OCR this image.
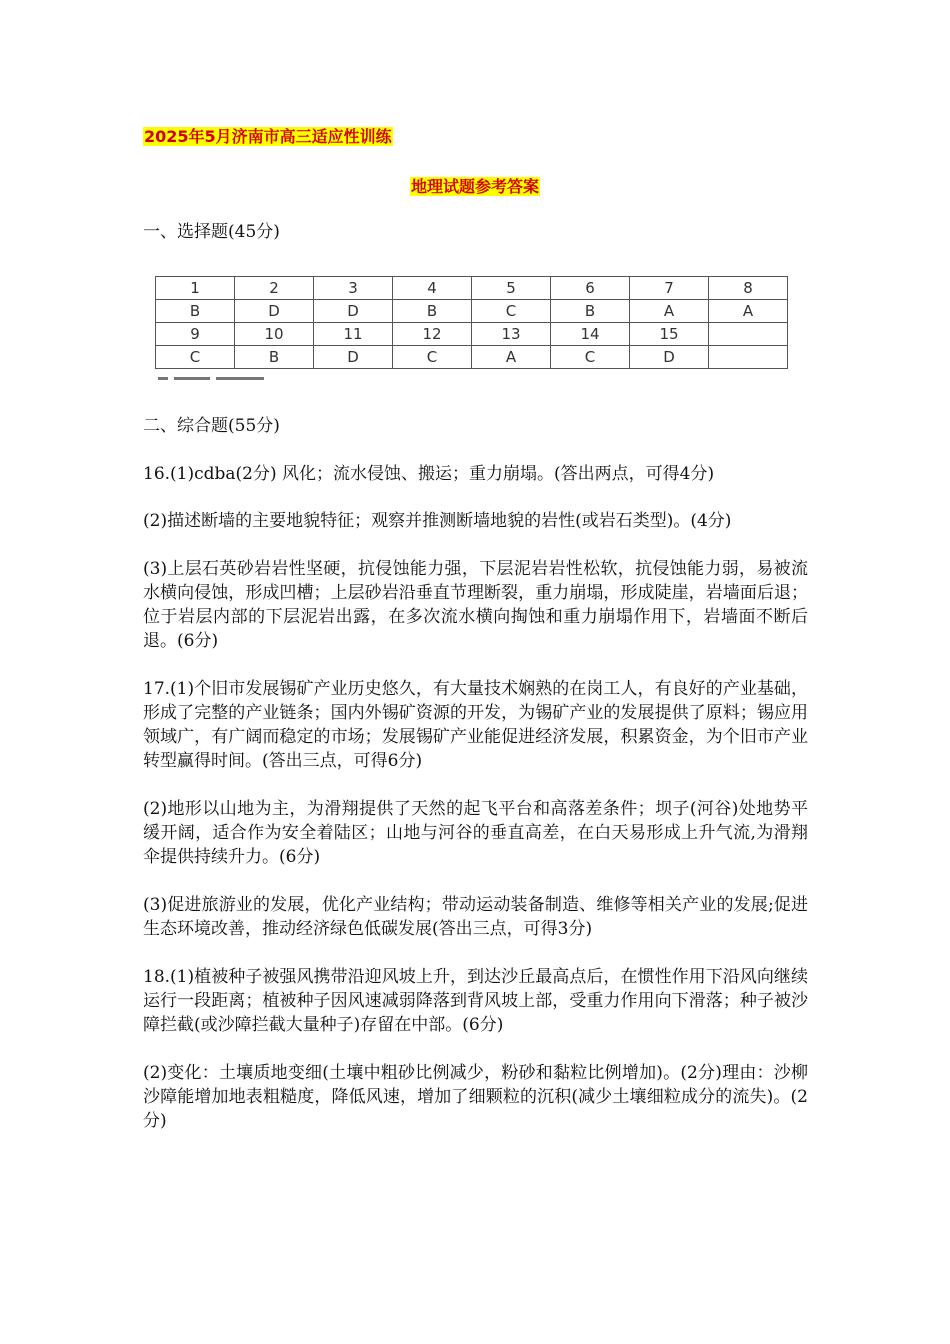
2025年5月济南市高三适应性训练
地理试题参考答案
一、选择题(45分)
1	2	3	4	5	6	7	8
B	D	D	B	C	B	A	A
9	10	11	12	13	14	15	
C	B	D	C	A	C	D	
二、综合题(55分)
16.(1)cdba(2分) 风化；流水侵蚀、搬运；重力崩塌。(答出两点，可得4分)
(2)描述断墙的主要地貌特征；观察并推测断墙地貌的岩性(或岩石类型)。(4分)
(3)上层石英砂岩岩性坚硬，抗侵蚀能力强，下层泥岩岩性松软，抗侵蚀能力弱，易被流水横向侵蚀，形成凹槽；上层砂岩沿垂直节理断裂，重力崩塌，形成陡崖，岩墙面后退；位于岩层内部的下层泥岩出露，在多次流水横向掏蚀和重力崩塌作用下，岩墙面不断后退。(6分)
17.(1)个旧市发展锡矿产业历史悠久，有大量技术娴熟的在岗工人，有良好的产业基础，形成了完整的产业链条；国内外锡矿资源的开发，为锡矿产业的发展提供了原料；锡应用领域广，有广阔而稳定的市场；发展锡矿产业能促进经济发展，积累资金，为个旧市产业转型赢得时间。(答出三点，可得6分)
(2)地形以山地为主，为滑翔提供了天然的起飞平台和高落差条件；坝子(河谷)处地势平缓开阔，适合作为安全着陆区；山地与河谷的垂直高差，在白天易形成上升气流,为滑翔伞提供持续升力。(6分)
(3)促进旅游业的发展，优化产业结构；带动运动装备制造、维修等相关产业的发展;促进生态环境改善，推动经济绿色低碳发展(答出三点，可得3分)
18.(1)植被种子被强风携带沿迎风坡上升，到达沙丘最高点后，在惯性作用下沿风向继续运行一段距离；植被种子因风速减弱降落到背风坡上部，受重力作用向下滑落；种子被沙障拦截(或沙障拦截大量种子)存留在中部。(6分)
(2)变化：土壤质地变细(土壤中粗砂比例减少，粉砂和黏粒比例增加)。(2分)理由：沙柳沙障能增加地表粗糙度，降低风速，增加了细颗粒的沉积(减少土壤细粒成分的流失)。(2分)
